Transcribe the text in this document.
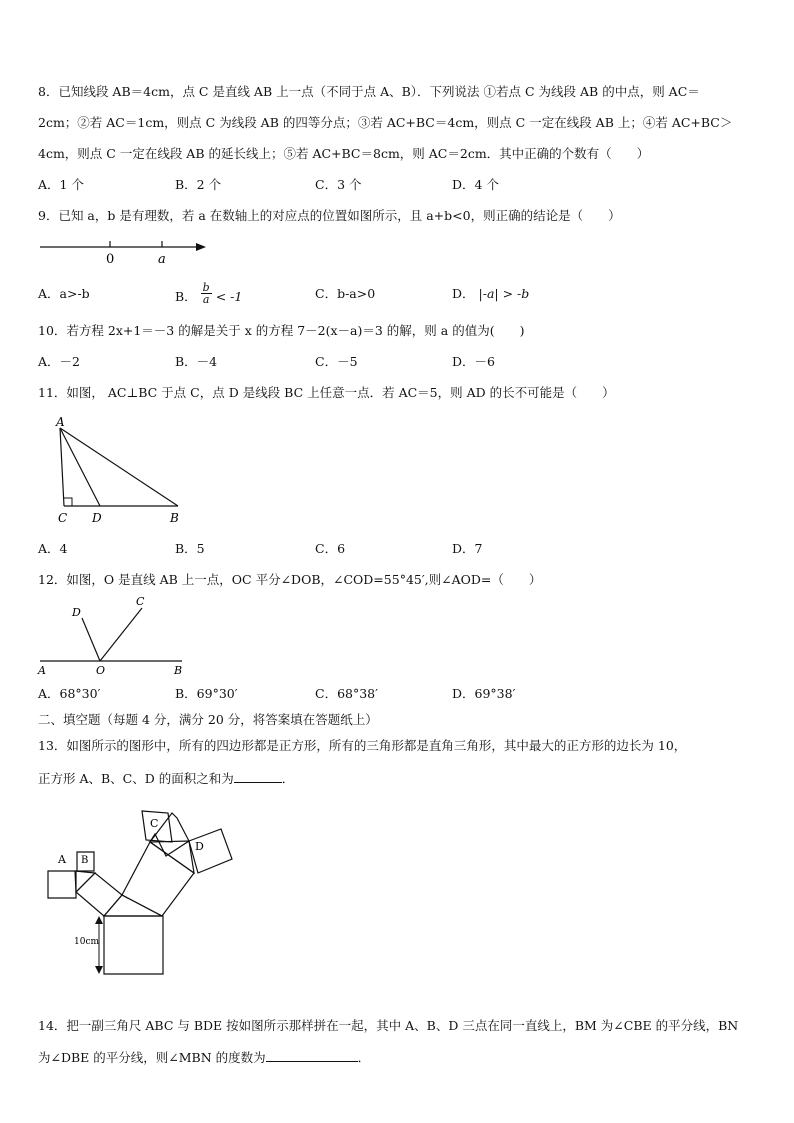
8．已知线段 AB＝4cm，点 C 是直线 AB 上一点（不同于点 A、B）．下列说法 ①若点 C 为线段 AB 的中点，则 AC＝
2cm；②若 AC＝1cm，则点 C 为线段 AB 的四等分点；③若 AC+BC＝4cm，则点 C 一定在线段 AB 上；④若 AC+BC＞
4cm，则点 C 一定在线段 AB 的延长线上；⑤若 AC+BC＝8cm，则 AC＝2cm．其中正确的个数有（　　）
A．1 个	B．2 个	C．3 个	D．4 个
9．已知 a，b 是有理数，若 a 在数轴上的对应点的位置如图所示，且 a+b<0，则正确的结论是（　　）
0	a
A．a>-b	B． $\frac{b}{a} < -1$	C．b-a>0	D． |-a| > -b
10．若方程 2x+1＝－3 的解是关于 x 的方程 7－2(x－a)＝3 的解，则 a 的值为(　　)
A．－2	B．－4	C．－5	D．－6
11．如图， AC⊥BC 于点 C，点 D 是线段 BC 上任意一点．若 AC＝5，则 AD 的长不可能是（　　）
A
C D	B
A．4	B．5	C．6	D．7
12．如图，O 是直线 AB 上一点，OC 平分∠DOB，∠COD=55°45′,则∠AOD=（　　）
A	O	B
D
C
A．68°30′	B．69°30′	C．68°38′	D．69°38′
二、填空题（每题 4 分，满分 20 分，将答案填在答题纸上）
13．如图所示的图形中，所有的四边形都是正方形，所有的三角形都是直角三角形，其中最大的正方形的边长为 10，
正方形 A、B、C、D 的面积之和为	．
A B
C
D
10cm
14．把一副三角尺 ABC 与 BDE 按如图所示那样拼在一起，其中 A、B、D 三点在同一直线上，BM 为∠CBE 的平分线，BN
为∠DBE 的平分线，则∠MBN 的度数为	．
